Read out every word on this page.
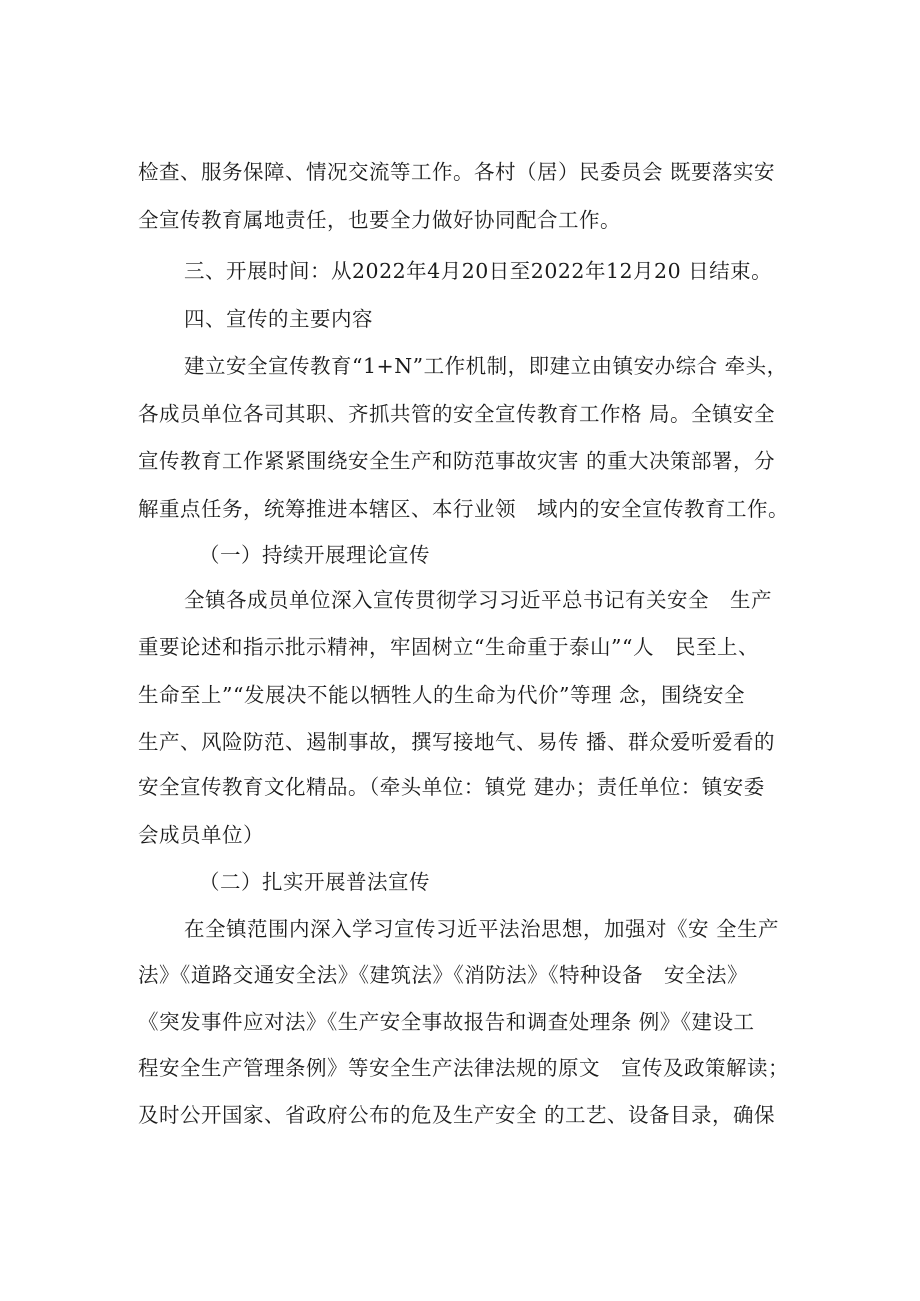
检查、服务保障、情况交流等工作。各村（居）民委员会 既要落实安
全宣传教育属地责任，也要全力做好协同配合工作。
三、开展时间：从2022年4月20日至2022年12月20 日结束。
四、宣传的主要内容
建立安全宣传教育“1+N”工作机制，即建立由镇安办综合 牵头，
各成员单位各司其职、齐抓共管的安全宣传教育工作格 局。全镇安全
宣传教育工作紧紧围绕安全生产和防范事故灾害 的重大决策部署，分
解重点任务，统筹推进本辖区、本行业领　域内的安全宣传教育工作。
（一）持续开展理论宣传
全镇各成员单位深入宣传贯彻学习习近平总书记有关安全　生产
重要论述和指示批示精神，牢固树立“生命重于泰山”“人　民至上、
生命至上”“发展决不能以牺牲人的生命为代价”等理 念，围绕安全
生产、风险防范、遏制事故，撰写接地气、易传 播、群众爱听爱看的
安全宣传教育文化精品。（牵头单位：镇党 建办；责任单位：镇安委
会成员单位）
（二）扎实开展普法宣传
在全镇范围内深入学习宣传习近平法治思想，加强对《安 全生产
法》《道路交通安全法》《建筑法》《消防法》《特种设备　安全法》
《突发事件应对法》《生产安全事故报告和调查处理条 例》《建设工
程安全生产管理条例》等安全生产法律法规的原文　宣传及政策解读；
及时公开国家、省政府公布的危及生产安全 的工艺、设备目录，确保
